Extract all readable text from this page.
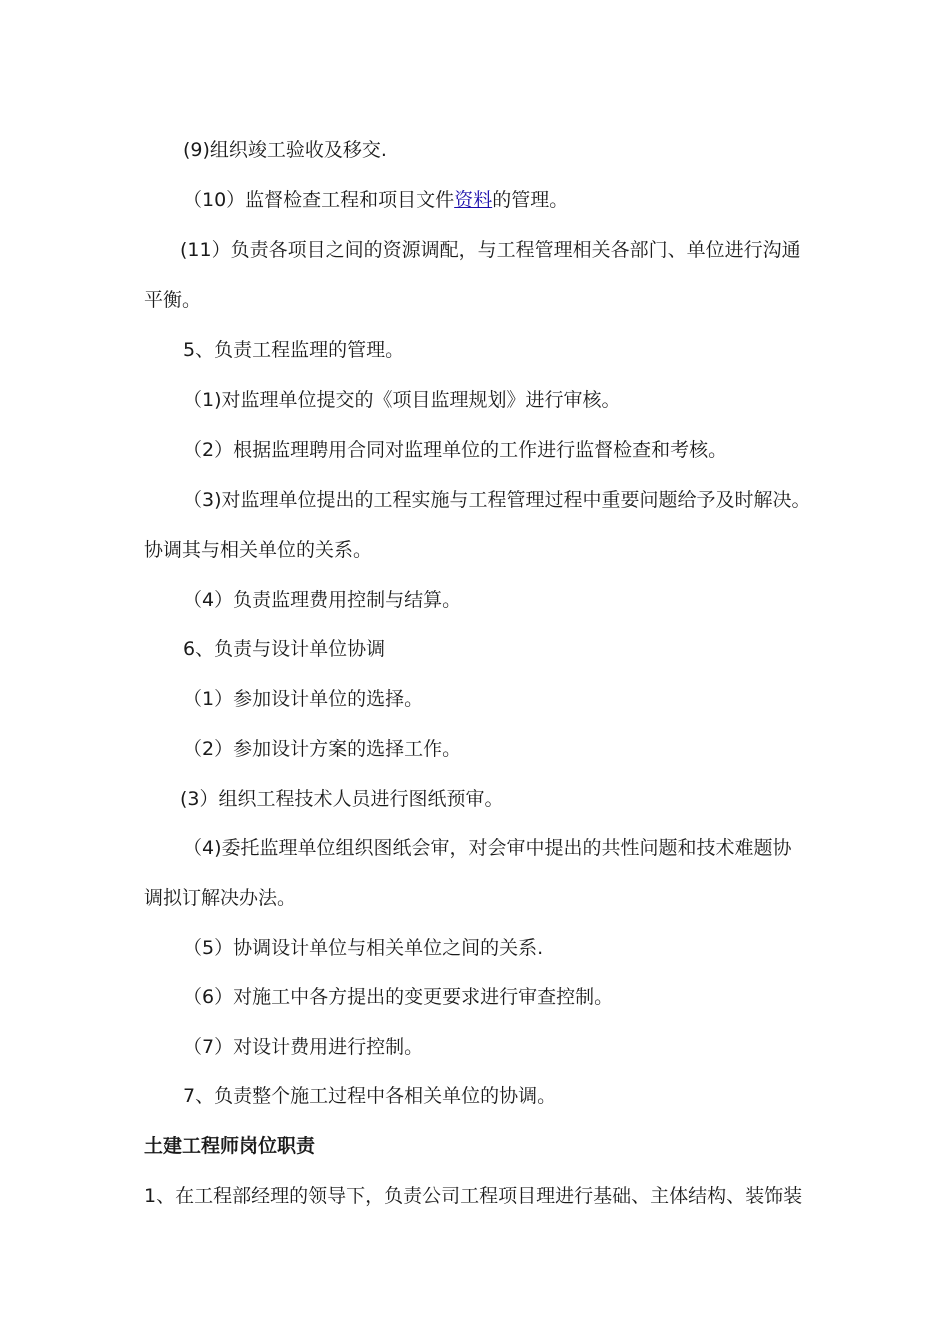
(9)组织竣工验收及移交.
（10）监督检查工程和项目文件资料的管理。
(11）负责各项目之间的资源调配，与工程管理相关各部门、单位进行沟通
平衡。
5、负责工程监理的管理。
（1)对监理单位提交的《项目监理规划》进行审核。
（2）根据监理聘用合同对监理单位的工作进行监督检查和考核。
（3)对监理单位提出的工程实施与工程管理过程中重要问题给予及时解决。
协调其与相关单位的关系。
（4）负责监理费用控制与结算。
6、负责与设计单位协调
（1）参加设计单位的选择。
（2）参加设计方案的选择工作。
(3）组织工程技术人员进行图纸预审。
（4)委托监理单位组织图纸会审，对会审中提出的共性问题和技术难题协
调拟订解决办法。
（5）协调设计单位与相关单位之间的关系.
（6）对施工中各方提出的变更要求进行审查控制。
（7）对设计费用进行控制。
7、负责整个施工过程中各相关单位的协调。
土建工程师岗位职责
1、在工程部经理的领导下，负责公司工程项目理进行基础、主体结构、装饰装
